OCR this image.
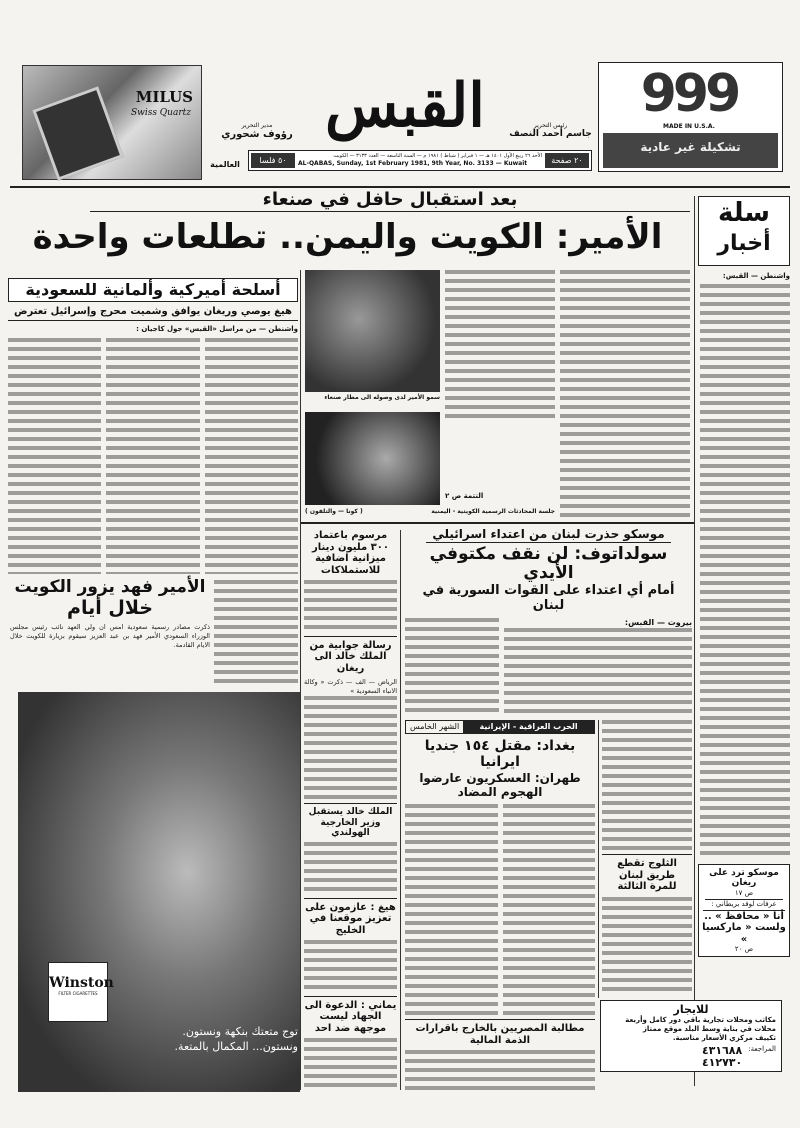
MILUS
Swiss Quartz
مدير التحرير
رؤوف شحوري
العالمية
القبس	رئيس التحرير
جاسم أحمد النصف
٥٠ فلسا	الأحد ٢٦ ربيع الأول ١٤٠١ هـ — ١ فبراير ( شباط ) ١٩٨١ م — السنة التاسعة — العدد ٣١٣٣ — الكويت
AL-QABAS, Sunday, 1st February 1981, 9th Year, No. 3133 — Kuwait	٢٠ صفحة
999
MADE IN U.S.A.
تشكيلة غير عادية
بعد استقبال حافل في صنعاء
الأمير: الكويت واليمن.. تطلعات واحدة
سلة
أخبار
واشنطن — القبس:
سمو الأمير لدى وصوله الى مطار صنعاء
جلسة المحادثات الرسمية الكويتية - اليمنية
( كونا — والتلفون )
التتمة ص ٢
أسلحة أميركية وألمانية للسعودية
هيغ يوصي وريغان يوافق وشميت محرج وإسرائيل تعترض
واشنطن — من مراسل «القبس» جول كاجيان :
الأمير فهد يزور الكويت
خلال أيام
ذكرت مصادر رسمية سعودية امس ان ولي العهد نائب رئيس مجلس الوزراء السعودي الأمير فهد بن عبد العزيز سيقوم بزيارة للكويت خلال الايام القادمة.
Winston
FILTER CIGARETTES
توج متعتك بنكهة ونستون.
ونستون... المكمال بالمتعة.
مرسوم باعتماد ٣٠٠ مليون دينار ميزانية اضافية للاستملاكات
رسالة جوابية من الملك خالد الى ريغان
الرياض — الف — ذكرت « وكالة الانباء السعودية »
الملك خالد يستقبل وزير الخارجية الهولندي
هيغ : عازمون على تعزيز موقعنا في الخليج
يماني : الدعوة الى الجهاد ليست موجهة ضد احد
موسكو حذرت لبنان من اعتداء اسرائيلي
سولداتوف: لن نقف مكتوفي الأيدي
أمام أي اعتداء على القوات السورية في لبنان
بيروت — القبس:
الحرب العراقية - الإيرانية
الشهر الخامس
بغداد: مقتل ١٥٤ جنديا ايرانيا
طهران: العسكريون عارضوا الهجوم المضاد
مطالبة المصريين بالخارج باقرارات الذمة المالية
الثلوج تقطع طريق لبنان
للمرة الثالثة
موسكو ترد على ريغان
ص ١٧
عرفات لوفد بريطاني :
أنا « محافظ » ..
ولست « ماركسيا »
ص ٢٠
للايجار
مكاتب ومحلات تجارية باقي دور كامل وأربعة
محلات في بناية وسط البلد موقع ممتاز
تكييف مركزي الأسعار مناسبة.
المراجعة:
٤٣١٦٨٨
٤١٢٧٣٠
